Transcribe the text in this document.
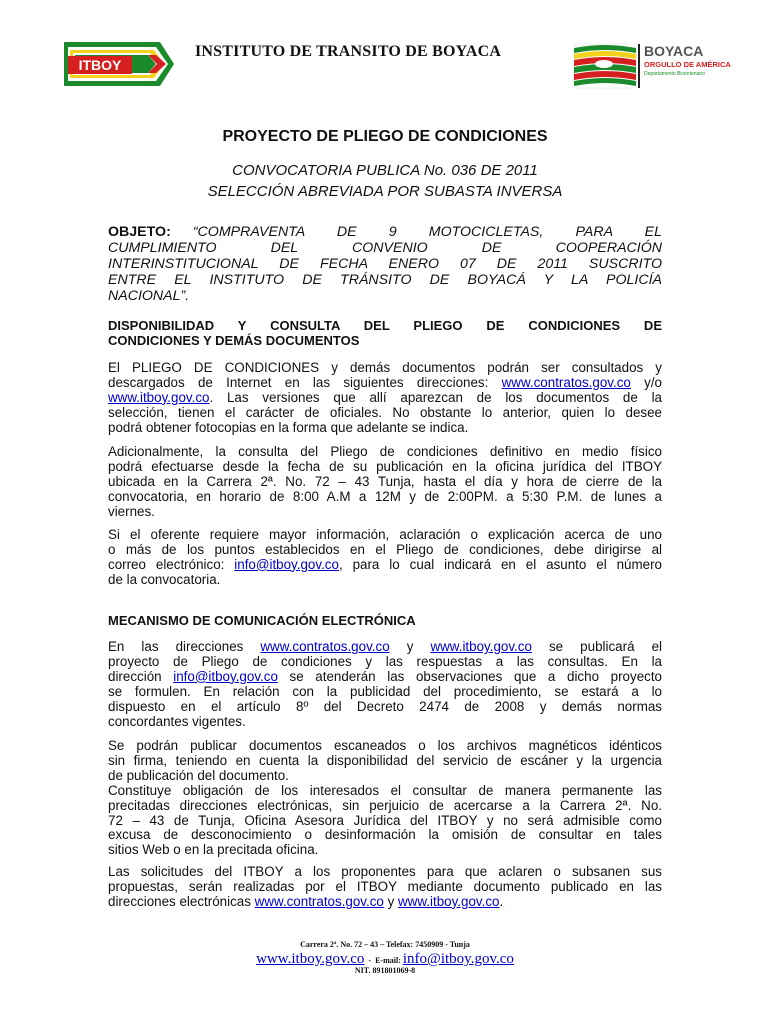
ITBOY
INSTITUTO DE TRANSITO DE BOYACA	BOYACA
ORGULLO DE AMÉRICA
Departamento Bicentenario
PROYECTO DE PLIEGO DE CONDICIONES
CONVOCATORIA PUBLICA No. 036 DE 2011
SELECCIÓN ABREVIADA POR SUBASTA INVERSA
OBJETO:	“COMPRAVENTA DE 9 MOTOCICLETAS, PARA EL
CUMPLIMIENTO DEL CONVENIO DE COOPERACIÓN
INTERINSTITUCIONAL DE FECHA ENERO 07 DE 2011 SUSCRITO
ENTRE EL INSTITUTO DE TRÁNSITO DE BOYACÁ Y LA POLICÍA
NACIONAL”.
DISPONIBILIDAD Y CONSULTA DEL PLIEGO DE CONDICIONES DE
CONDICIONES Y DEMÁS DOCUMENTOS
El PLIEGO DE CONDICIONES y demás documentos podrán ser consultados y
descargados de Internet en las siguientes direcciones: www.contratos.gov.co y/o
www.itboy.gov.co. Las versiones que allí aparezcan de los documentos de la
selección, tienen el carácter de oficiales. No obstante lo anterior, quien lo desee
podrá obtener fotocopias en la forma que adelante se indica.
Adicionalmente, la consulta del Pliego de condiciones definitivo en medio físico
podrá efectuarse desde la fecha de su publicación en la oficina jurídica del ITBOY
ubicada en la Carrera 2ª. No. 72 – 43 Tunja, hasta el día y hora de cierre de la
convocatoria, en horario de 8:00 A.M a 12M y de 2:00PM. a 5:30 P.M. de lunes a
viernes.
Si el oferente requiere mayor información, aclaración o explicación acerca de uno
o más de los puntos establecidos en el Pliego de condiciones, debe dirigirse al
correo electrónico: info@itboy.gov.co, para lo cual indicará en el asunto el número
de la convocatoria.
MECANISMO DE COMUNICACIÓN ELECTRÓNICA
En las direcciones www.contratos.gov.co y www.itboy.gov.co se publicará el
proyecto de Pliego de condiciones y las respuestas a las consultas. En la
dirección info@itboy.gov.co se atenderán las observaciones que a dicho proyecto
se formulen. En relación con la publicidad del procedimiento, se estará a lo
dispuesto en el artículo 8º del Decreto 2474 de 2008 y demás normas
concordantes vigentes.
Se podrán publicar documentos escaneados o los archivos magnéticos idénticos
sin firma, teniendo en cuenta la disponibilidad del servicio de escáner y la urgencia
de publicación del documento.
Constituye obligación de los interesados el consultar de manera permanente las
precitadas direcciones electrónicas, sin perjuicio de acercarse a la Carrera 2ª. No.
72 – 43 de Tunja, Oficina Asesora Jurídica del ITBOY y no será admisible como
excusa de desconocimiento o desinformación la omisión de consultar en tales
sitios Web o en la precitada oficina.
Las solicitudes del ITBOY a los proponentes para que aclaren o subsanen sus
propuestas, serán realizadas por el ITBOY mediante documento publicado en las
direcciones electrónicas www.contratos.gov.co y www.itboy.gov.co.
Carrera 2ª. No. 72 – 43 – Telefax: 7450909 - Tunja
www.itboy.gov.co  -  E-mail: info@itboy.gov.co
NIT. 891801069-8
